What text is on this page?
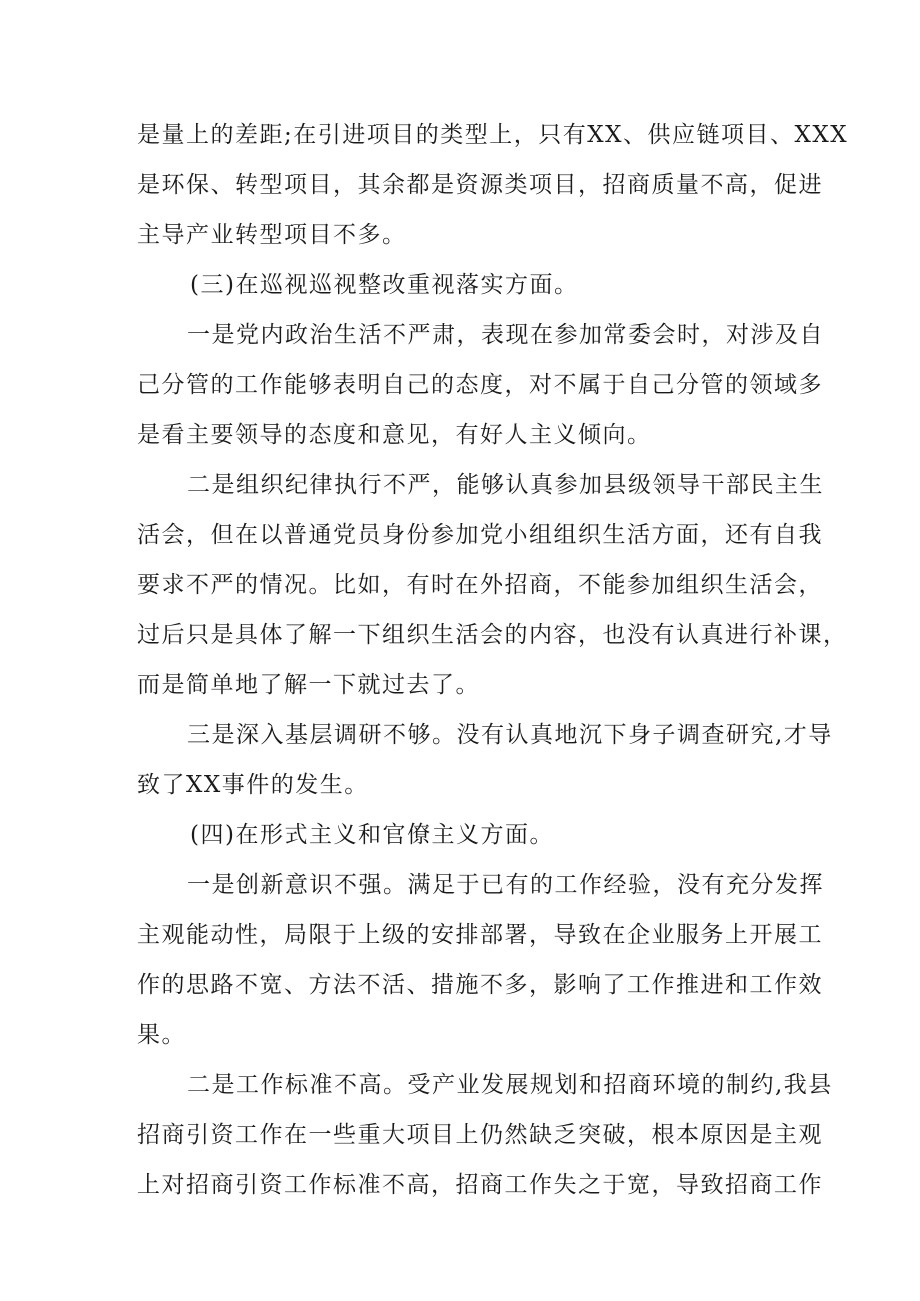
是量上的差距;在引进项目的类型上，只有XX、供应链项目、XXX
是环保、转型项目，其余都是资源类项目，招商质量不高，促进
主导产业转型项目不多。
(三)在巡视巡视整改重视落实方面。
一是党内政治生活不严肃，表现在参加常委会时，对涉及自
己分管的工作能够表明自己的态度，对不属于自己分管的领域多
是看主要领导的态度和意见，有好人主义倾向。
二是组织纪律执行不严，能够认真参加县级领导干部民主生
活会，但在以普通党员身份参加党小组组织生活方面，还有自我
要求不严的情况。比如，有时在外招商，不能参加组织生活会，
过后只是具体了解一下组织生活会的内容，也没有认真进行补课，
而是简单地了解一下就过去了。
三是深入基层调研不够。没有认真地沉下身子调查研究,才导
致了XX事件的发生。
(四)在形式主义和官僚主义方面。
一是创新意识不强。满足于已有的工作经验，没有充分发挥
主观能动性，局限于上级的安排部署，导致在企业服务上开展工
作的思路不宽、方法不活、措施不多，影响了工作推进和工作效
果。
二是工作标准不高。受产业发展规划和招商环境的制约,我县
招商引资工作在一些重大项目上仍然缺乏突破，根本原因是主观
上对招商引资工作标准不高，招商工作失之于宽，导致招商工作
